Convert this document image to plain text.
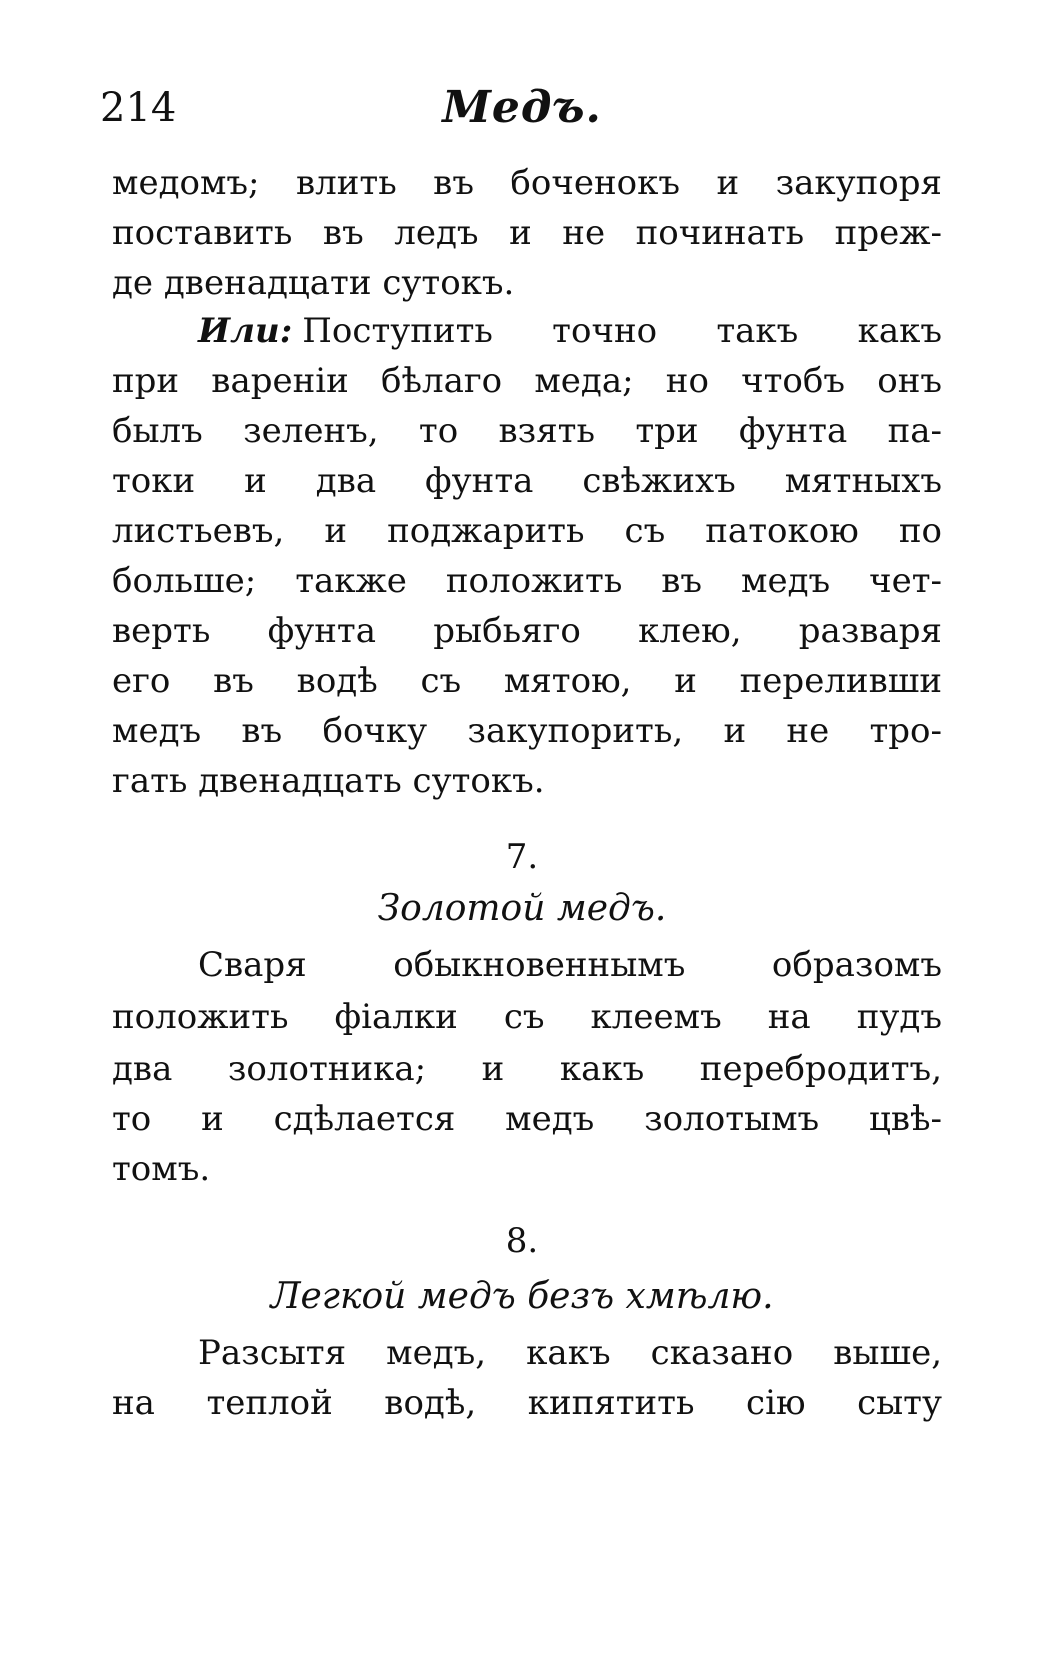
214	Медъ.
медомъ; влить въ боченокъ и закупоря
поставить въ ледъ и не починать преж-
де двенадцати сутокъ.
Или: Поступить точно такъ какъ
при вареніи бѣлаго меда; но чтобъ онъ
былъ зеленъ, то взять три фунта па-
токи и два фунта свѣжихъ мятныхъ
листьевъ, и поджарить съ патокою по
больше; также положить въ медъ чет-
верть фунта рыбьяго клею, разваря
его въ водѣ съ мятою, и переливши
медъ въ бочку закупорить, и не тро-
гать двенадцать сутокъ.
7.
Золотой медъ.
Сваря обыкновеннымъ образомъ
положить фіалки съ клеемъ на пудъ
два золотника; и какъ перебродитъ,
то и сдѣлается медъ золотымъ цвѣ-
томъ.
8.
Легкой медъ безъ хмѣлю.
Разсытя медъ, какъ сказано выше,
на теплой водѣ, кипятить сію сыту
